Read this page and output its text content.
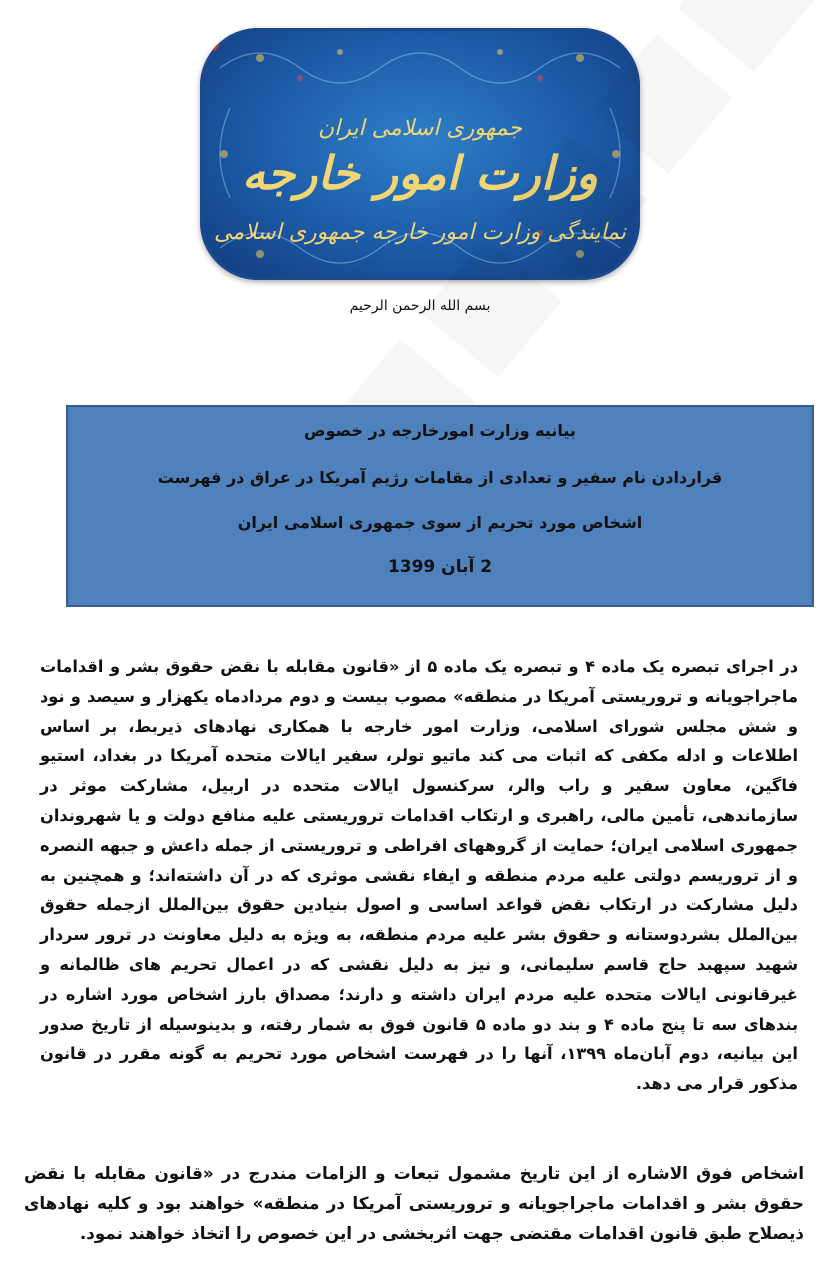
جمهوری اسلامی ایران
وزارت امور خارجه
نمایندگی وزارت امور خارجه جمهوری اسلامی
بسم الله الرحمن الرحیم
بیانیه وزارت امورخارجه در خصوص
قراردادن نام سفیر و تعدادی از مقامات رژیم آمریکا در عراق در فهرست
اشخاص مورد تحریم از سوی جمهوری اسلامی ایران
2 آبان 1399
در اجرای تبصره یک ماده ۴ و تبصره یک ماده ۵ از «قانون مقابله با نقض حقوق بشر و اقدامات ماجراجویانه و تروریستی آمریکا در منطقه» مصوب بیست و دوم مردادماه یکهزار و سیصد و نود و شش مجلس شورای اسلامی، وزارت امور خارجه با همکاری نهادهای ذیربط، بر اساس اطلاعات و ادله مکفی که اثبات می کند ماتیو تولر، سفیر ایالات متحده آمریکا در بغداد، استیو فاگین، معاون سفیر و راب والر، سرکنسول ایالات متحده در اربیل، مشارکت موثر در سازماندهی، تأمین مالی، راهبری و ارتکاب اقدامات تروریستی علیه منافع دولت و یا شهروندان جمهوری اسلامی ایران؛ حمایت از گروههای افراطی و تروریستی از جمله داعش و جبهه النصره و از تروریسم دولتی علیه مردم منطقه و ایفاء نقشی موثری که در آن داشته‌اند؛ و همچنین به دلیل مشارکت در ارتکاب نقض قواعد اساسی و اصول بنیادین حقوق بین‌الملل ازجمله حقوق بین‌الملل بشردوستانه و حقوق بشر علیه مردم منطقه، به ویژه به دلیل معاونت در ترور سردار شهید سپهبد حاج قاسم سلیمانی، و نیز به دلیل نقشی که در اعمال تحریم های ظالمانه و غیرقانونی ایالات متحده علیه مردم ایران داشته و دارند؛ مصداق بارز اشخاص مورد اشاره در بندهای سه تا پنج ماده ۴ و بند دو ماده ۵ قانون فوق به شمار رفته، و بدینوسیله از تاریخ صدور این بیانیه، دوم آبان‌ماه ۱۳۹۹، آنها را در فهرست اشخاص مورد تحریم به گونه مقرر در قانون مذکور قرار می دهد.
اشخاص فوق الاشاره از این تاریخ مشمول تبعات و الزامات مندرج در «قانون مقابله با نقض حقوق بشر و اقدامات ماجراجویانه و تروریستی آمریکا در منطقه» خواهند بود و کلیه نهادهای ذیصلاح طبق قانون اقدامات مقتضی جهت اثربخشی در این خصوص را اتخاذ خواهند نمود.
